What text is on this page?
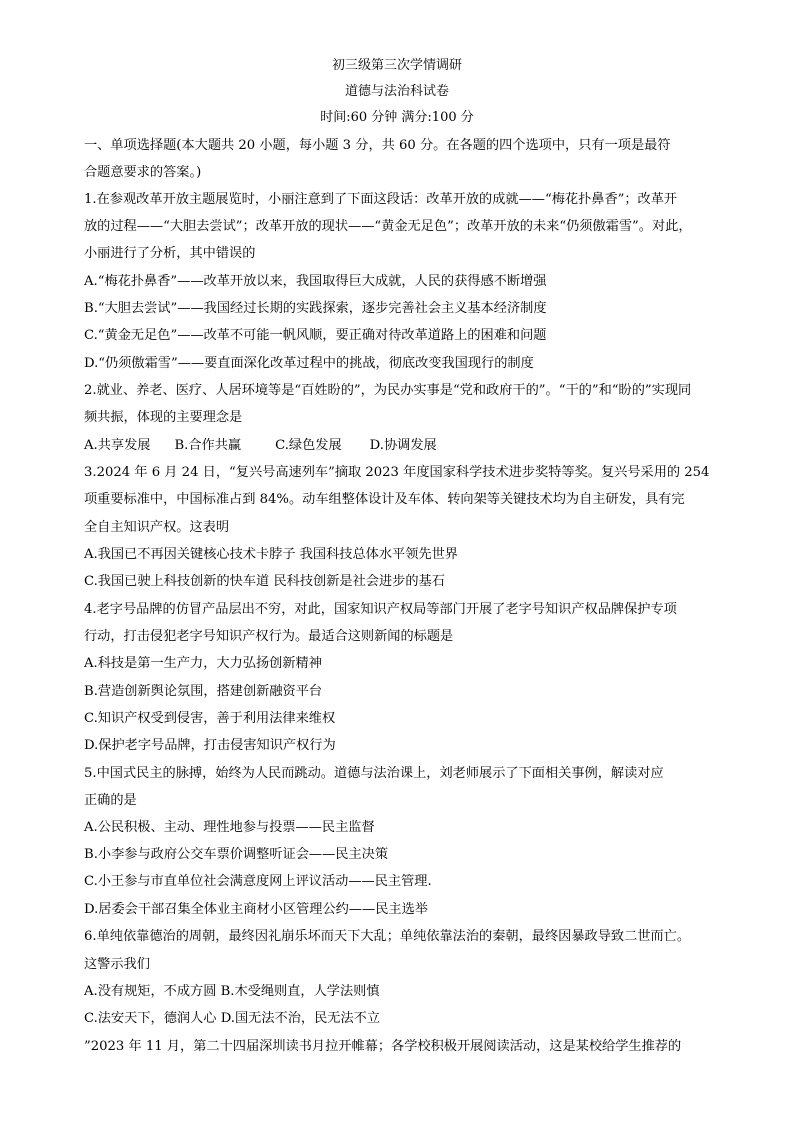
初三级第三次学情调研
道德与法治科试卷
时间:60 分钟 满分:100 分
一、单项选择题(本大题共 20 小题，每小题 3 分，共 60 分。在各题的四个选项中，只有一项是最符
合题意要求的答案。)
1.在参观改革开放主题展览时，小丽注意到了下面这段话：改革开放的成就——“梅花扑鼻香”；改革开
放的过程——“大胆去尝试”；改革开放的现状——“黄金无足色”；改革开放的未来“仍须傲霜雪”。对此，
小丽进行了分析，其中错误的
A.“梅花扑鼻香”——改革开放以来，我国取得巨大成就，人民的获得感不断增强
B.“大胆去尝试”——我国经过长期的实践探索，逐步完善社会主义基本经济制度
C.“黄金无足色”——改革不可能一帆风顺，要正确对待改革道路上的困难和问题
D.“仍须傲霜雪”——要直面深化改革过程中的挑战，彻底改变我国现行的制度
2.就业、养老、医疗、人居环境等是“百姓盼的”，为民办实事是“党和政府干的”。“干的”和“盼的”实现同
频共振，体现的主要理念是
A.共享发展 B.合作共赢	C.绿色发展 D.协调发展
3.2024 年 6 月 24 日，“复兴号高速列车”摘取 2023 年度国家科学技术进步奖特等奖。复兴号采用的 254
项重要标准中，中国标准占到 84%。动车组整体设计及车体、转向架等关键技术均为自主研发，具有完
全自主知识产权。这表明
A.我国已不再因关键核心技术卡脖子 我国科技总体水平领先世界
C.我国已驶上科技创新的快车道 民科技创新是社会进步的基石
4.老字号品牌的仿冒产品层出不穷，对此，国家知识产权局等部门开展了老字号知识产权品牌保护专项
行动，打击侵犯老字号知识产权行为。最适合这则新闻的标题是
A.科技是第一生产力，大力弘扬创新精神
B.营造创新舆论氛围，搭建创新融资平台
C.知识产权受到侵害，善于利用法律来维权
D.保护老字号品牌，打击侵害知识产权行为
5.中国式民主的脉搏，始终为人民而跳动。道德与法治课上，刘老师展示了下面相关事例，解读对应
正确的是
A.公民积极、主动、理性地参与投票——民主监督
B.小李参与政府公交车票价调整听证会——民主决策
C.小王参与市直单位社会满意度网上评议活动——民主管理.
D.居委会干部召集全体业主商材小区管理公约——民主选举
6.单纯依靠德治的周朝，最终因礼崩乐坏而天下大乱；单纯依靠法治的秦朝，最终因暴政导致二世而亡。
这警示我们
A.没有规矩，不成方圆 B.木受绳则直，人学法则慎
C.法安天下，德润人心 D.国无法不治，民无法不立
”2023 年 11 月，第二十四届深圳读书月拉开帷幕；各学校积极开展阅读活动，这是某校给学生推荐的
